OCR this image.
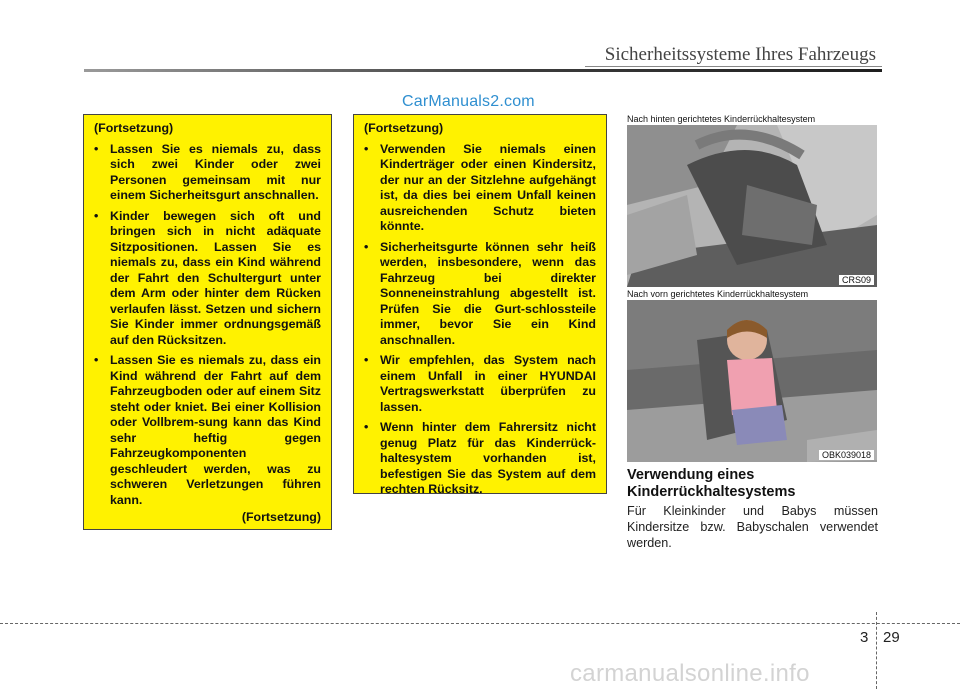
Sicherheitssysteme Ihres Fahrzeugs
CarManuals2.com
(Fortsetzung)
• Lassen Sie es niemals zu, dass sich zwei Kinder oder zwei Personen gemeinsam mit nur einem Sicherheitsgurt anschnallen.
• Kinder bewegen sich oft und bringen sich in nicht adäquate Sitzpositionen. Lassen Sie es niemals zu, dass ein Kind während der Fahrt den Schultergurt unter dem Arm oder hinter dem Rücken verlaufen lässt. Setzen und sichern Sie Kinder immer ordnungsgemäß auf den Rücksitzen.
• Lassen Sie es niemals zu, dass ein Kind während der Fahrt auf dem Fahrzeugboden oder auf einem Sitz steht oder kniet. Bei einer Kollision oder Vollbrem-sung kann das Kind sehr heftig gegen Fahrzeugkomponenten geschleudert werden, was zu schweren Verletzungen führen kann.
(Fortsetzung)
(Fortsetzung)
• Verwenden Sie niemals einen Kinderträger oder einen Kindersitz, der nur an der Sitzlehne aufgehängt ist, da dies bei einem Unfall keinen ausreichenden Schutz bieten könnte.
• Sicherheitsgurte können sehr heiß werden, insbesondere, wenn das Fahrzeug bei direkter Sonneneinstrahlung abgestellt ist. Prüfen Sie die Gurt-schlossteile immer, bevor Sie ein Kind anschnallen.
• Wir empfehlen, das System nach einem Unfall in einer HYUNDAI Vertragswerkstatt überprüfen zu lassen.
• Wenn hinter dem Fahrersitz nicht genug Platz für das Kinderrück-haltesystem vorhanden ist, befestigen Sie das System auf dem rechten Rücksitz.
Nach hinten gerichtetes Kinderrückhaltesystem
CRS09
Nach vorn gerichtetes Kinderrückhaltesystem
OBK039018
Verwendung eines Kinderrückhaltesystems
Für Kleinkinder und Babys müssen Kindersitze bzw. Babyschalen verwendet werden.
3 29
carmanualsonline.info
